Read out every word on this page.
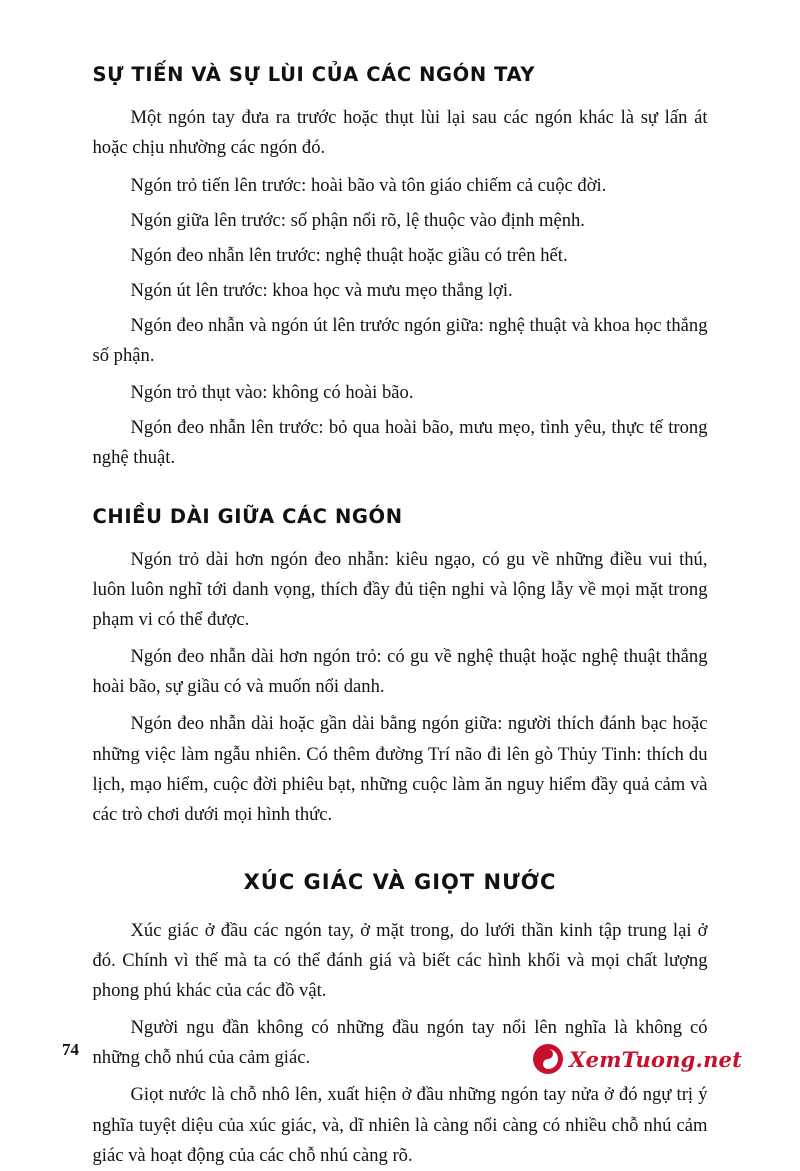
SỰ TIẾN VÀ SỰ LÙI CỦA CÁC NGÓN TAY

Một ngón tay đưa ra trước hoặc thụt lùi lại sau các ngón khác là sự lấn át hoặc chịu nhường các ngón đó.

Ngón trỏ tiến lên trước: hoài bão và tôn giáo chiếm cả cuộc đời.

Ngón giữa lên trước: số phận nổi rõ, lệ thuộc vào định mệnh.

Ngón đeo nhẫn lên trước: nghệ thuật hoặc giầu có trên hết.

Ngón út lên trước: khoa học và mưu mẹo thắng lợi.

Ngón đeo nhẫn và ngón út lên trước ngón giữa: nghệ thuật và khoa học thắng số phận.

Ngón trỏ thụt vào: không có hoài bão.

Ngón đeo nhẫn lên trước: bỏ qua hoài bão, mưu mẹo, tình yêu, thực tế trong nghệ thuật.

CHIỀU DÀI GIỮA CÁC NGÓN

Ngón trỏ dài hơn ngón đeo nhẫn: kiêu ngạo, có gu về những điều vui thú, luôn luôn nghĩ tới danh vọng, thích đầy đủ tiện nghi và lộng lẫy về mọi mặt trong phạm vi có thể được.

Ngón đeo nhẫn dài hơn ngón trỏ: có gu về nghệ thuật hoặc nghệ thuật thắng hoài bão, sự giầu có và muốn nổi danh.

Ngón đeo nhẫn dài hoặc gần dài bằng ngón giữa: người thích đánh bạc hoặc những việc làm ngẫu nhiên. Có thêm đường Trí não đi lên gò Thủy Tinh: thích du lịch, mạo hiểm, cuộc đời phiêu bạt, những cuộc làm ăn nguy hiểm đầy quả cảm và các trò chơi dưới mọi hình thức.

XÚC GIÁC VÀ GIỌT NƯỚC

Xúc giác ở đầu các ngón tay, ở mặt trong, do lưới thần kinh tập trung lại ở đó. Chính vì thế mà ta có thể đánh giá và biết các hình khối và mọi chất lượng phong phú khác của các đồ vật.

Người ngu đần không có những đầu ngón tay nổi lên nghĩa là không có những chỗ nhú của cảm giác.

Giọt nước là chỗ nhô lên, xuất hiện ở đầu những ngón tay nửa ở đó ngự trị ý nghĩa tuyệt diệu của xúc giác, và, dĩ nhiên là càng nổi càng có nhiều chỗ nhú cảm giác và hoạt động của các chỗ nhú càng rõ.

74	XemTuong.net
